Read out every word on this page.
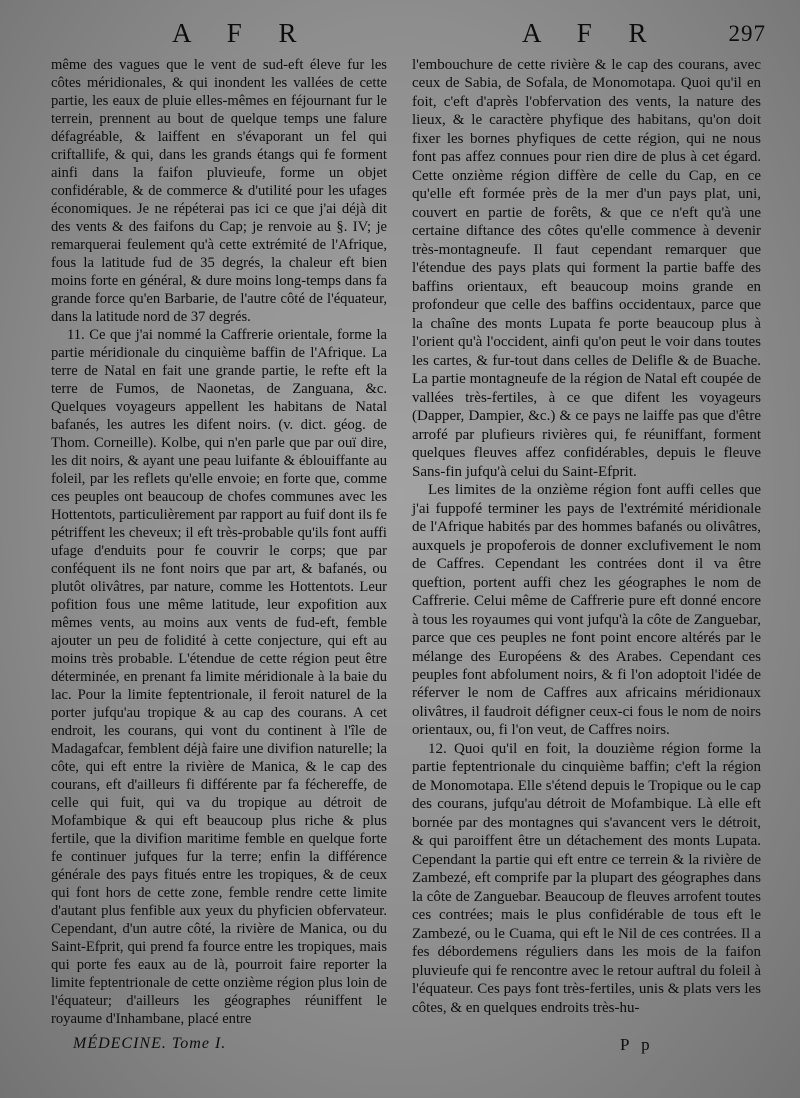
A F R	A F R	297

même des vagues que le vent de sud-eft éleve fur les côtes méridionales, & qui inondent les vallées de cette partie, les eaux de pluie elles-mêmes en féjournant fur le terrein, prennent au bout de quelque temps une falure défagréable, & laiffent en s'évaporant un fel qui criftallife, & qui, dans les grands étangs qui fe forment ainfi dans la faifon pluvieufe, forme un objet confidérable, & de commerce & d'utilité pour les ufages économiques. Je ne répéterai pas ici ce que j'ai déjà dit des vents & des faifons du Cap; je renvoie au §. IV; je remarquerai feulement qu'à cette extrémité de l'Afrique, fous la latitude fud de 35 degrés, la chaleur eft bien moins forte en général, & dure moins long-temps dans fa grande force qu'en Barbarie, de l'autre côté de l'équateur, dans la latitude nord de 37 degrés.

11. Ce que j'ai nommé la Caffrerie orientale, forme la partie méridionale du cinquième baffin de l'Afrique. La terre de Natal en fait une grande partie, le refte eft la terre de Fumos, de Naonetas, de Zanguana, &c. Quelques voyageurs appellent les habitans de Natal bafanés, les autres les difent noirs. (v. dict. géog. de Thom. Corneille). Kolbe, qui n'en parle que par ouï dire, les dit noirs, & ayant une peau luifante & éblouiffante au foleil, par les reflets qu'elle envoie; en forte que, comme ces peuples ont beaucoup de chofes communes avec les Hottentots, particulièrement par rapport au fuif dont ils fe pétriffent les cheveux; il eft très-probable qu'ils font auffi ufage d'enduits pour fe couvrir le corps; que par conféquent ils ne font noirs que par art, & bafanés, ou plutôt olivâtres, par nature, comme les Hottentots. Leur pofition fous une même latitude, leur expofition aux mêmes vents, au moins aux vents de fud-eft, femble ajouter un peu de folidité à cette conjecture, qui eft au moins très probable. L'étendue de cette région peut être déterminée, en prenant fa limite méridionale à la baie du lac. Pour la limite feptentrionale, il feroit naturel de la porter jufqu'au tropique & au cap des courans. A cet endroit, les courans, qui vont du continent à l'île de Madagafcar, femblent déjà faire une divifion naturelle; la côte, qui eft entre la rivière de Manica, & le cap des courans, eft d'ailleurs fi différente par fa féchereffe, de celle qui fuit, qui va du tropique au détroit de Mofambique & qui eft beaucoup plus riche & plus fertile, que la divifion maritime femble en quelque forte fe continuer jufques fur la terre; enfin la différence générale des pays fitués entre les tropiques, & de ceux qui font hors de cette zone, femble rendre cette limite d'autant plus fenfible aux yeux du phyficien obfervateur. Cependant, d'un autre côté, la rivière de Manica, ou du Saint-Efprit, qui prend fa fource entre les tropiques, mais qui porte fes eaux au de là, pourroit faire reporter la limite feptentrionale de cette onzième région plus loin de l'équateur; d'ailleurs les géographes réuniffent le royaume d'Inhambane, placé entre

l'embouchure de cette rivière & le cap des courans, avec ceux de Sabia, de Sofala, de Monomotapa. Quoi qu'il en foit, c'eft d'après l'obfervation des vents, la nature des lieux, & le caractère phyfique des habitans, qu'on doit fixer les bornes phyfiques de cette région, qui ne nous font pas affez connues pour rien dire de plus à cet égard. Cette onzième région diffère de celle du Cap, en ce qu'elle eft formée près de la mer d'un pays plat, uni, couvert en partie de forêts, & que ce n'eft qu'à une certaine diftance des côtes qu'elle commence à devenir très-montagneufe. Il faut cependant remarquer que l'étendue des pays plats qui forment la partie baffe des baffins orientaux, eft beaucoup moins grande en profondeur que celle des baffins occidentaux, parce que la chaîne des monts Lupata fe porte beaucoup plus à l'orient qu'à l'occident, ainfi qu'on peut le voir dans toutes les cartes, & fur-tout dans celles de Delifle & de Buache. La partie montagneufe de la région de Natal eft coupée de vallées très-fertiles, à ce que difent les voyageurs (Dapper, Dampier, &c.) & ce pays ne laiffe pas que d'être arrofé par plufieurs rivières qui, fe réuniffant, forment quelques fleuves affez confidérables, depuis le fleuve Sans-fin jufqu'à celui du Saint-Efprit.

Les limites de la onzième région font auffi celles que j'ai fuppofé terminer les pays de l'extrémité méridionale de l'Afrique habités par des hommes bafanés ou olivâtres, auxquels je propoferois de donner exclufivement le nom de Caffres. Cependant les contrées dont il va être queftion, portent auffi chez les géographes le nom de Caffrerie. Celui même de Caffrerie pure eft donné encore à tous les royaumes qui vont jufqu'à la côte de Zanguebar, parce que ces peuples ne font point encore altérés par le mélange des Européens & des Arabes. Cependant ces peuples font abfolument noirs, & fi l'on adoptoit l'idée de réferver le nom de Caffres aux africains méridionaux olivâtres, il faudroit défigner ceux-ci fous le nom de noirs orientaux, ou, fi l'on veut, de Caffres noirs.

12. Quoi qu'il en foit, la douzième région forme la partie feptentrionale du cinquième baffin; c'eft la région de Monomotapa. Elle s'étend depuis le Tropique ou le cap des courans, jufqu'au détroit de Mofambique. Là elle eft bornée par des montagnes qui s'avancent vers le détroit, & qui paroiffent être un détachement des monts Lupata. Cependant la partie qui eft entre ce terrein & la rivière de Zambezé, eft comprife par la plupart des géographes dans la côte de Zanguebar. Beaucoup de fleuves arrofent toutes ces contrées; mais le plus confidérable de tous eft le Zambezé, ou le Cuama, qui eft le Nil de ces contrées. Il a fes débordemens réguliers dans les mois de la faifon pluvieufe qui fe rencontre avec le retour auftral du foleil à l'équateur. Ces pays font très-fertiles, unis & plats vers les côtes, & en quelques endroits très-hu-

MÉDECINE. Tome I.	P p
